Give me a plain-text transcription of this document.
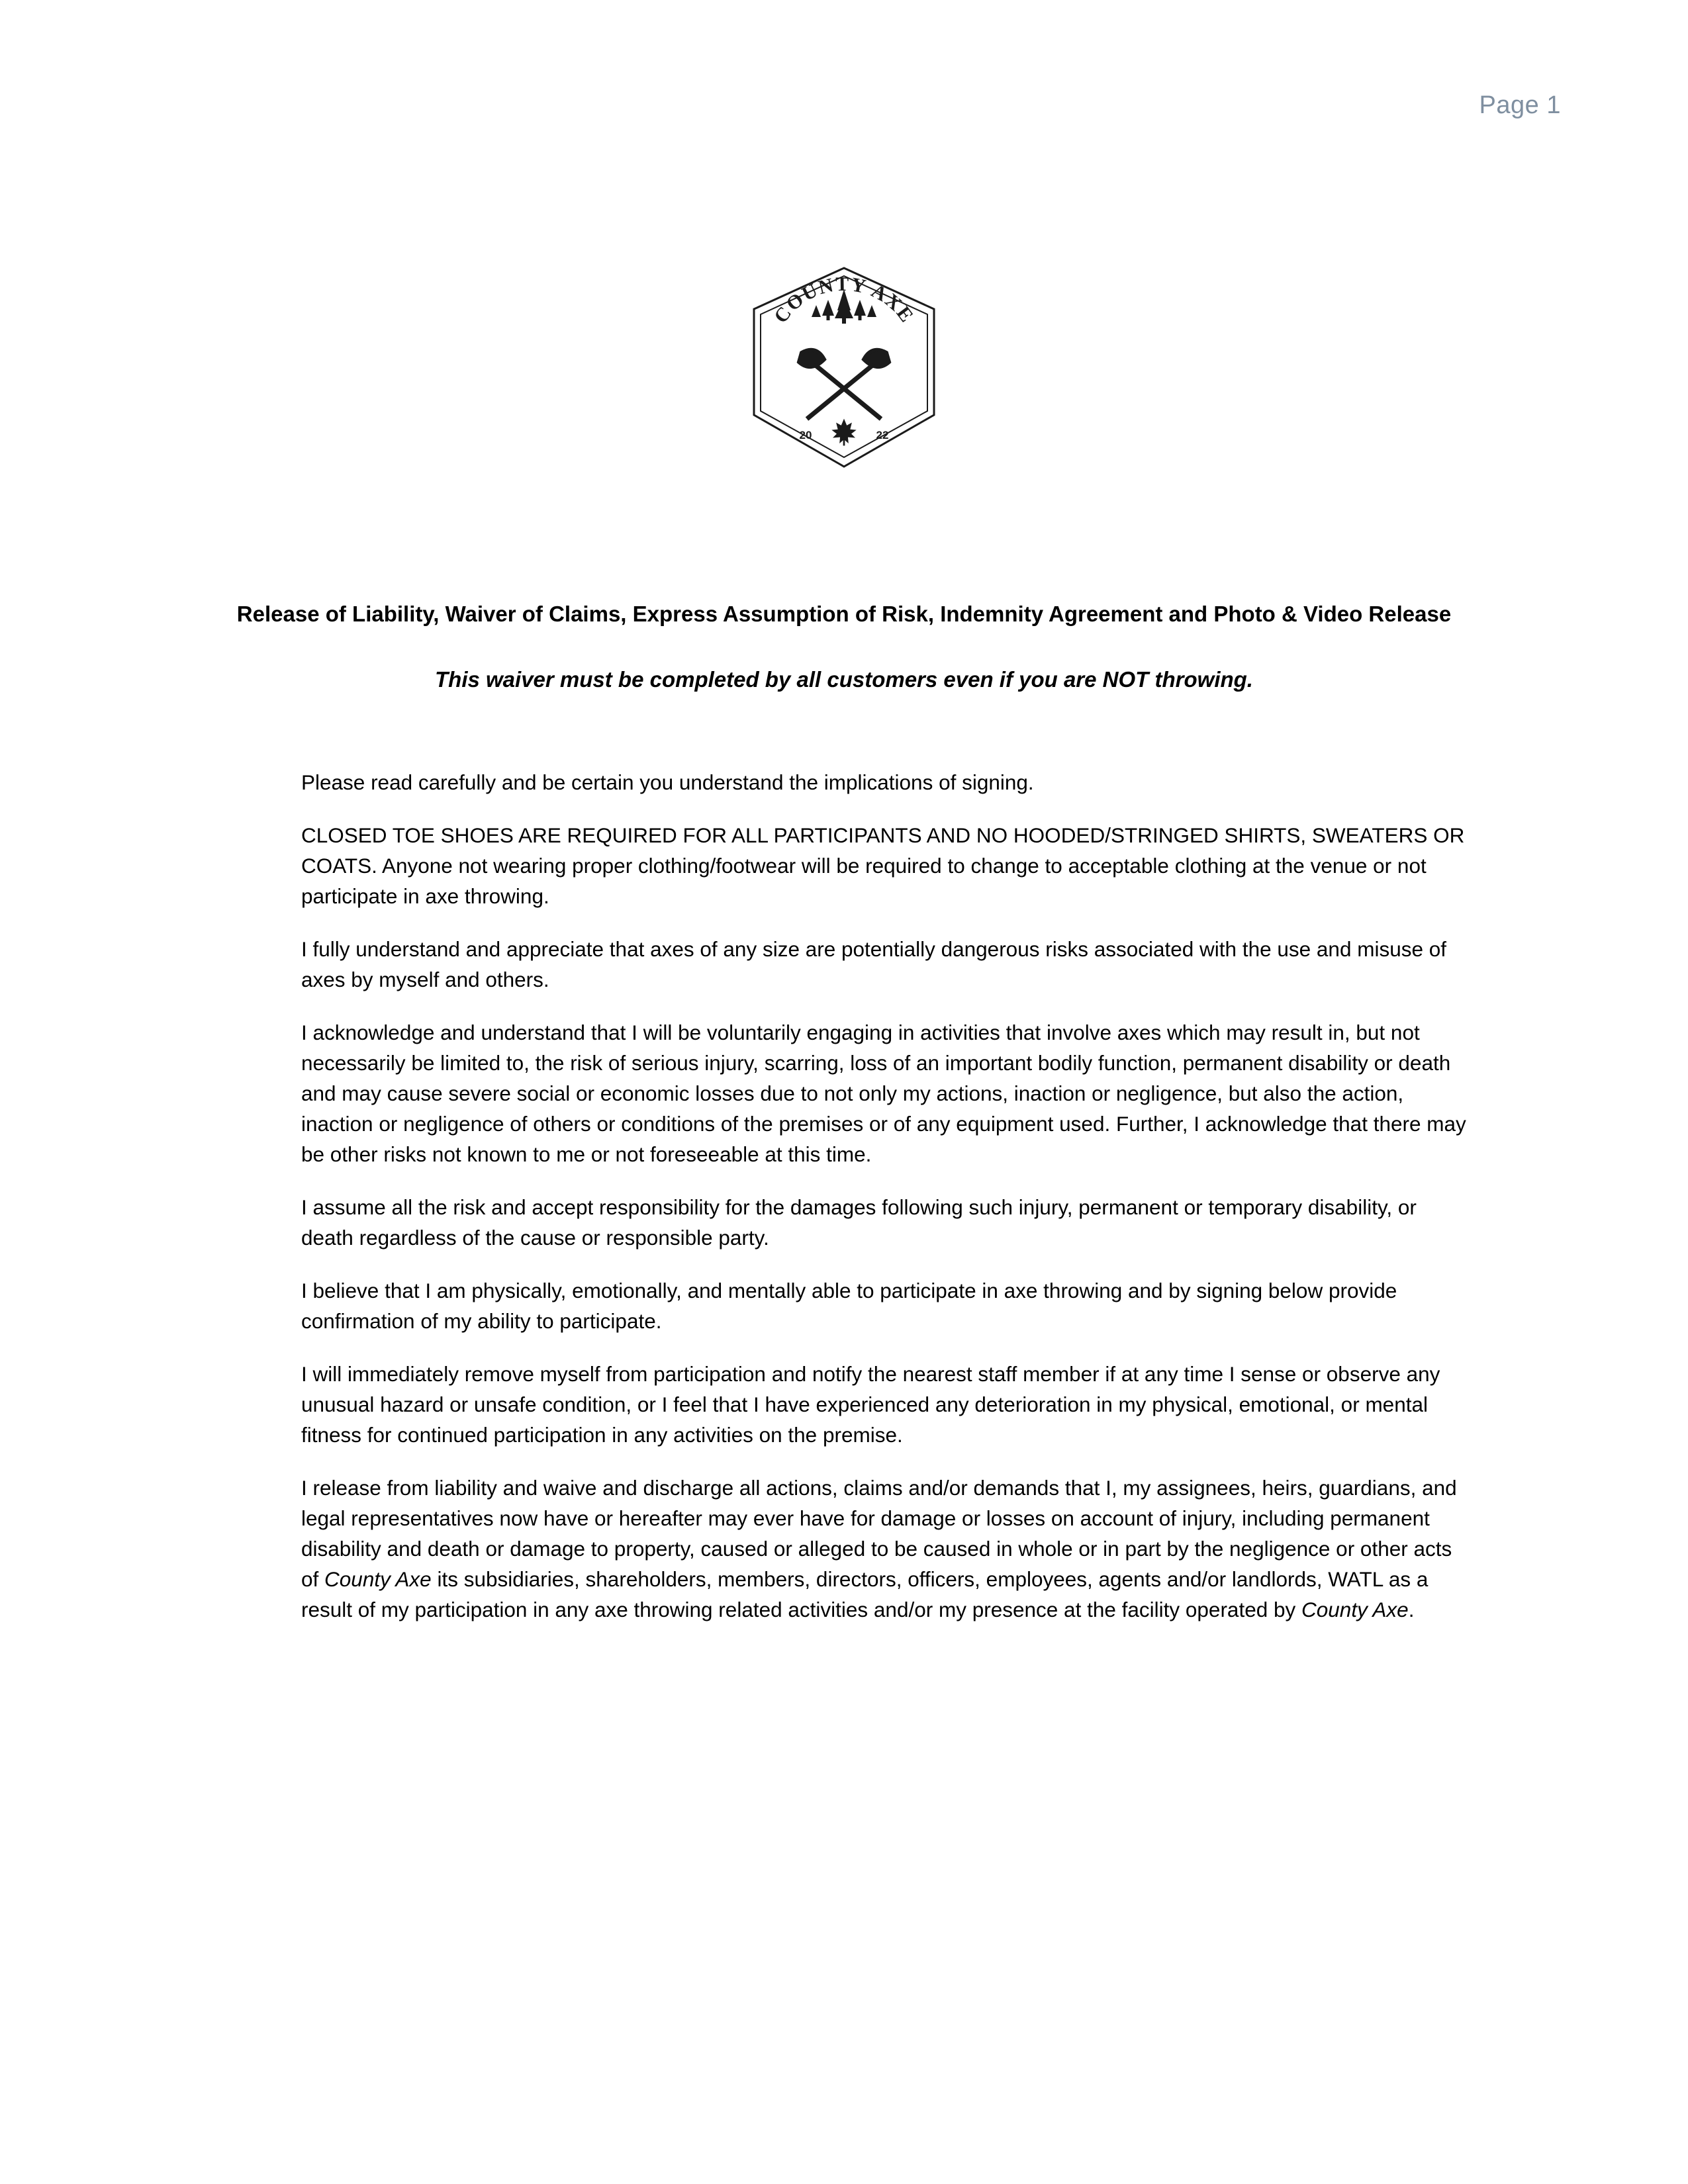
Page 1
COUNTY AXE
20	22
Release of Liability, Waiver of Claims, Express Assumption of Risk, Indemnity Agreement and Photo & Video Release
This waiver must be completed by all customers even if you are NOT throwing.

Please read carefully and be certain you understand the implications of signing.

CLOSED TOE SHOES ARE REQUIRED FOR ALL PARTICIPANTS AND NO HOODED/STRINGED SHIRTS, SWEATERS OR COATS. Anyone not wearing proper clothing/footwear will be required to change to acceptable clothing at the venue or not participate in axe throwing.

I fully understand and appreciate that axes of any size are potentially dangerous risks associated with the use and misuse of axes by myself and others.

I acknowledge and understand that I will be voluntarily engaging in activities that involve axes which may result in, but not necessarily be limited to, the risk of serious injury, scarring, loss of an important bodily function, permanent disability or death and may cause severe social or economic losses due to not only my actions, inaction or negligence, but also the action, inaction or negligence of others or conditions of the premises or of any equipment used. Further, I acknowledge that there may be other risks not known to me or not foreseeable at this time.

I assume all the risk and accept responsibility for the damages following such injury, permanent or temporary disability, or death regardless of the cause or responsible party.

I believe that I am physically, emotionally, and mentally able to participate in axe throwing and by signing below provide confirmation of my ability to participate.

I will immediately remove myself from participation and notify the nearest staff member if at any time I sense or observe any unusual hazard or unsafe condition, or I feel that I have experienced any deterioration in my physical, emotional, or mental fitness for continued participation in any activities on the premise.

I release from liability and waive and discharge all actions, claims and/or demands that I, my assignees, heirs, guardians, and legal representatives now have or hereafter may ever have for damage or losses on account of injury, including permanent disability and death or damage to property, caused or alleged to be caused in whole or in part by the negligence or other acts of County Axe its subsidiaries, shareholders, members, directors, officers, employees, agents and/or landlords, WATL as a result of my participation in any axe throwing related activities and/or my presence at the facility operated by County Axe.
